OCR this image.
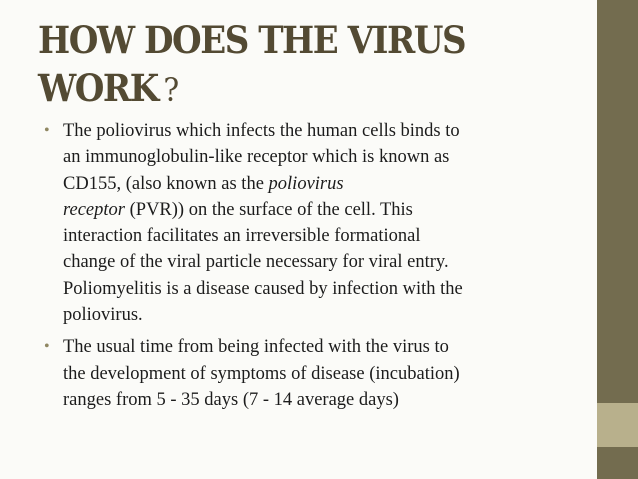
HOW DOES THE VIRUS
WORK ?
• The poliovirus which infects the human cells binds to
an immunoglobulin-like receptor which is known as
CD155, (also known as the poliovirus
receptor (PVR)) on the surface of the cell. This
interaction facilitates an irreversible formational
change of the viral particle necessary for viral entry.
Poliomyelitis is a disease caused by infection with the
poliovirus.
• The usual time from being infected with the virus to
the development of symptoms of disease (incubation)
ranges from 5 - 35 days (7 - 14 average days)
